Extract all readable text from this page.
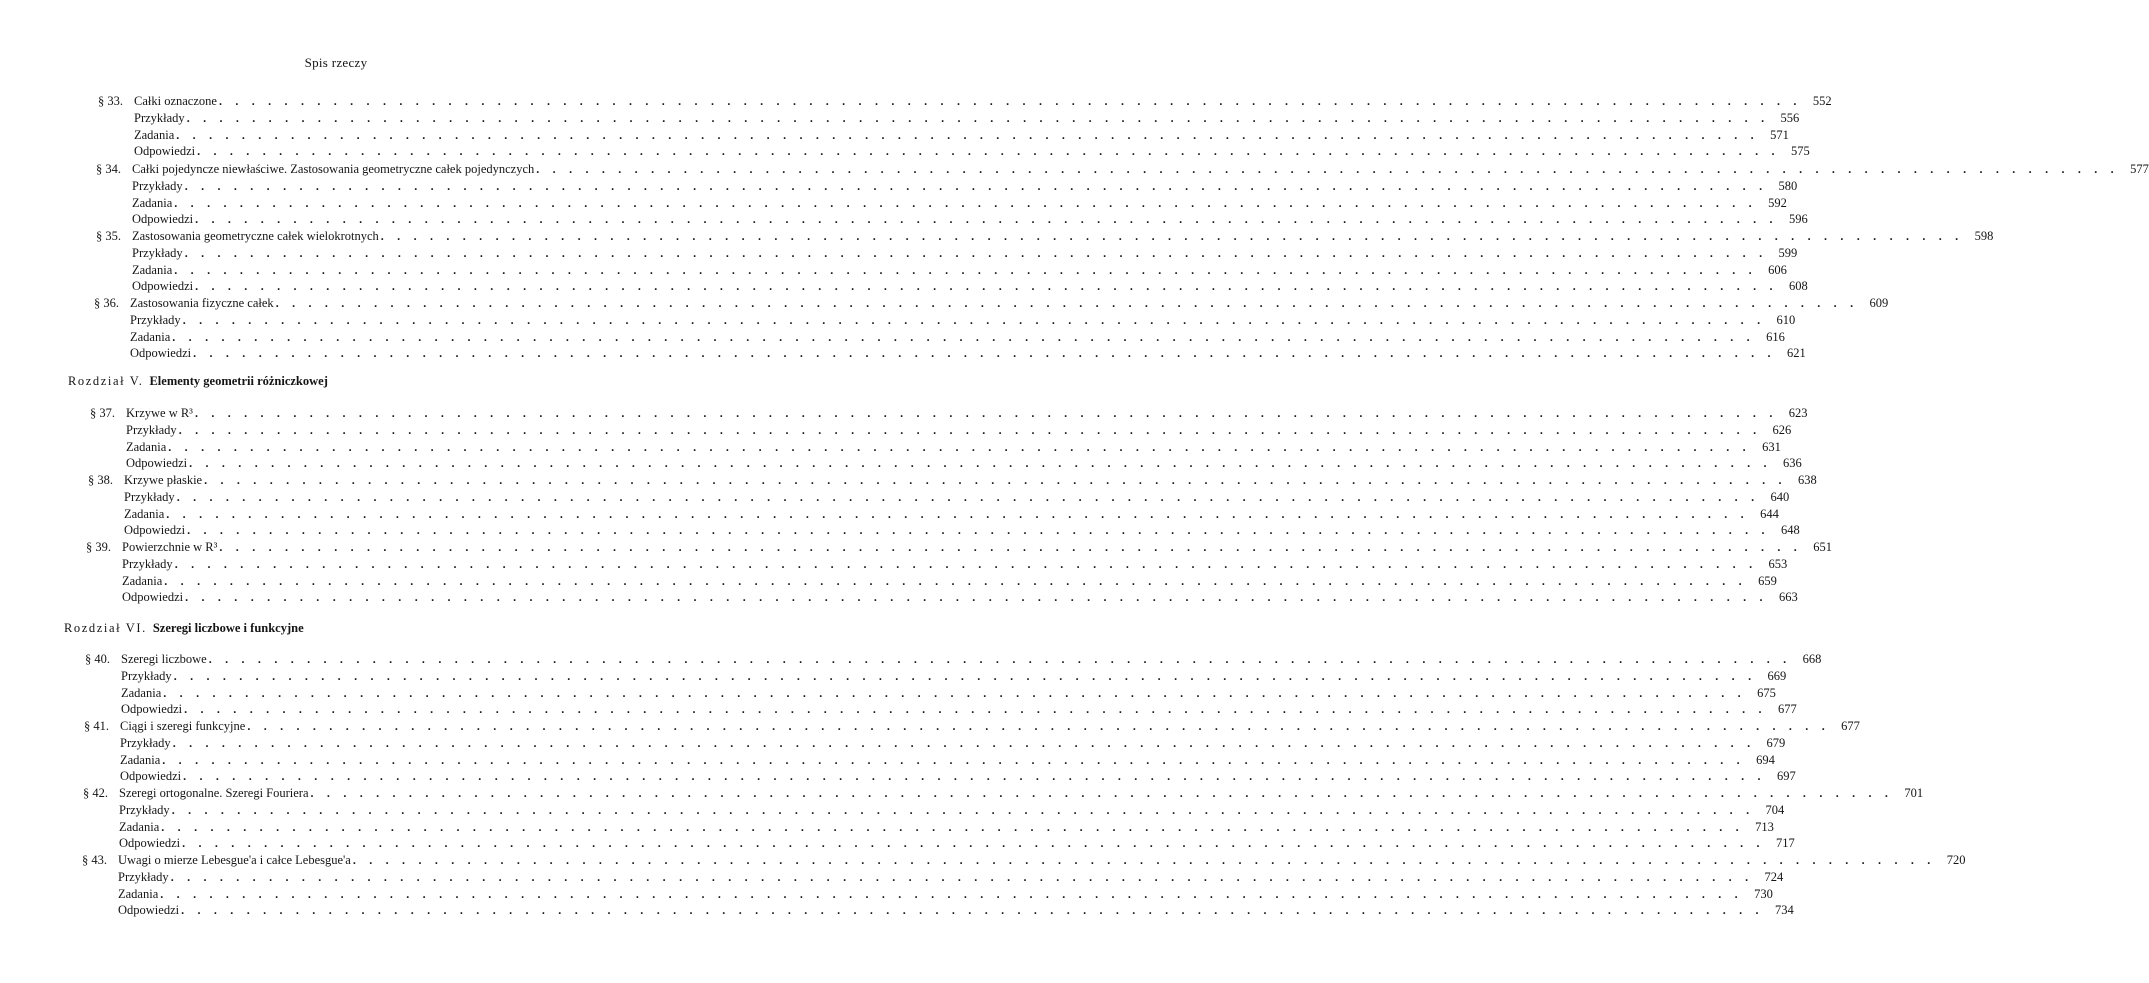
Spis rzeczy
§ 33. Całki oznaczone . . . . . . . . . . . . . . . . . . . . . . . . . . . . . . . . . . . . . . . . . . . . . . . . . . . . . . . . . . . . . . . . . . . . . . . . . . . . . . . . . . . . . . . . . . . . . . . . . 552
Przykłady . . . . . . . . . . . . . . . . . . . . . . . . . . . . . . . . . . . . . . . . . . . . . . . . . . . . . . . . . . . . . . . . . . . . . . . . . . . . . . . . . . . . . . . . . . . . . . . . . 556
Zadania . . . . . . . . . . . . . . . . . . . . . . . . . . . . . . . . . . . . . . . . . . . . . . . . . . . . . . . . . . . . . . . . . . . . . . . . . . . . . . . . . . . . . . . . . . . . . . . . . 571
Odpowiedzi . . . . . . . . . . . . . . . . . . . . . . . . . . . . . . . . . . . . . . . . . . . . . . . . . . . . . . . . . . . . . . . . . . . . . . . . . . . . . . . . . . . . . . . . . . . . . . . . . 575
§ 34. Całki pojedyncze niewłaściwe. Zastosowania geometryczne całek pojedynczych . . . . . . . . . . . . . . . . . . . . . . . . . . . . . . . . . . . . . . . . . . . . . . . . . . . . . . . . . . . . . . . . . . . . . . . . . . . . . . . . . . . . . . . . . . . . . . . . . 577
Przykłady . . . . . . . . . . . . . . . . . . . . . . . . . . . . . . . . . . . . . . . . . . . . . . . . . . . . . . . . . . . . . . . . . . . . . . . . . . . . . . . . . . . . . . . . . . . . . . . . . 580
Zadania . . . . . . . . . . . . . . . . . . . . . . . . . . . . . . . . . . . . . . . . . . . . . . . . . . . . . . . . . . . . . . . . . . . . . . . . . . . . . . . . . . . . . . . . . . . . . . . . . 592
Odpowiedzi . . . . . . . . . . . . . . . . . . . . . . . . . . . . . . . . . . . . . . . . . . . . . . . . . . . . . . . . . . . . . . . . . . . . . . . . . . . . . . . . . . . . . . . . . . . . . . . . . 596
§ 35. Zastosowania geometryczne całek wielokrotnych . . . . . . . . . . . . . . . . . . . . . . . . . . . . . . . . . . . . . . . . . . . . . . . . . . . . . . . . . . . . . . . . . . . . . . . . . . . . . . . . . . . . . . . . . . . . . . . . . 598
Przykłady . . . . . . . . . . . . . . . . . . . . . . . . . . . . . . . . . . . . . . . . . . . . . . . . . . . . . . . . . . . . . . . . . . . . . . . . . . . . . . . . . . . . . . . . . . . . . . . . . 599
Zadania . . . . . . . . . . . . . . . . . . . . . . . . . . . . . . . . . . . . . . . . . . . . . . . . . . . . . . . . . . . . . . . . . . . . . . . . . . . . . . . . . . . . . . . . . . . . . . . . . 606
Odpowiedzi . . . . . . . . . . . . . . . . . . . . . . . . . . . . . . . . . . . . . . . . . . . . . . . . . . . . . . . . . . . . . . . . . . . . . . . . . . . . . . . . . . . . . . . . . . . . . . . . . 608
§ 36. Zastosowania fizyczne całek . . . . . . . . . . . . . . . . . . . . . . . . . . . . . . . . . . . . . . . . . . . . . . . . . . . . . . . . . . . . . . . . . . . . . . . . . . . . . . . . . . . . . . . . . . . . . . . . . 609
Przykłady . . . . . . . . . . . . . . . . . . . . . . . . . . . . . . . . . . . . . . . . . . . . . . . . . . . . . . . . . . . . . . . . . . . . . . . . . . . . . . . . . . . . . . . . . . . . . . . . . 610
Zadania . . . . . . . . . . . . . . . . . . . . . . . . . . . . . . . . . . . . . . . . . . . . . . . . . . . . . . . . . . . . . . . . . . . . . . . . . . . . . . . . . . . . . . . . . . . . . . . . . 616
Odpowiedzi . . . . . . . . . . . . . . . . . . . . . . . . . . . . . . . . . . . . . . . . . . . . . . . . . . . . . . . . . . . . . . . . . . . . . . . . . . . . . . . . . . . . . . . . . . . . . . . . . 621
§ 37. Krzywe w R³ . . . . . . . . . . . . . . . . . . . . . . . . . . . . . . . . . . . . . . . . . . . . . . . . . . . . . . . . . . . . . . . . . . . . . . . . . . . . . . . . . . . . . . . . . . . . . . . . . 623
Przykłady . . . . . . . . . . . . . . . . . . . . . . . . . . . . . . . . . . . . . . . . . . . . . . . . . . . . . . . . . . . . . . . . . . . . . . . . . . . . . . . . . . . . . . . . . . . . . . . . . 626
Zadania . . . . . . . . . . . . . . . . . . . . . . . . . . . . . . . . . . . . . . . . . . . . . . . . . . . . . . . . . . . . . . . . . . . . . . . . . . . . . . . . . . . . . . . . . . . . . . . . . 631
Odpowiedzi . . . . . . . . . . . . . . . . . . . . . . . . . . . . . . . . . . . . . . . . . . . . . . . . . . . . . . . . . . . . . . . . . . . . . . . . . . . . . . . . . . . . . . . . . . . . . . . . . 636
§ 38. Krzywe płaskie . . . . . . . . . . . . . . . . . . . . . . . . . . . . . . . . . . . . . . . . . . . . . . . . . . . . . . . . . . . . . . . . . . . . . . . . . . . . . . . . . . . . . . . . . . . . . . . . . 638
Przykłady . . . . . . . . . . . . . . . . . . . . . . . . . . . . . . . . . . . . . . . . . . . . . . . . . . . . . . . . . . . . . . . . . . . . . . . . . . . . . . . . . . . . . . . . . . . . . . . . . 640
Zadania . . . . . . . . . . . . . . . . . . . . . . . . . . . . . . . . . . . . . . . . . . . . . . . . . . . . . . . . . . . . . . . . . . . . . . . . . . . . . . . . . . . . . . . . . . . . . . . . . 644
Odpowiedzi . . . . . . . . . . . . . . . . . . . . . . . . . . . . . . . . . . . . . . . . . . . . . . . . . . . . . . . . . . . . . . . . . . . . . . . . . . . . . . . . . . . . . . . . . . . . . . . . . 648
§ 39. Powierzchnie w R³ . . . . . . . . . . . . . . . . . . . . . . . . . . . . . . . . . . . . . . . . . . . . . . . . . . . . . . . . . . . . . . . . . . . . . . . . . . . . . . . . . . . . . . . . . . . . . . . . . 651
Przykłady . . . . . . . . . . . . . . . . . . . . . . . . . . . . . . . . . . . . . . . . . . . . . . . . . . . . . . . . . . . . . . . . . . . . . . . . . . . . . . . . . . . . . . . . . . . . . . . . . 653
Zadania . . . . . . . . . . . . . . . . . . . . . . . . . . . . . . . . . . . . . . . . . . . . . . . . . . . . . . . . . . . . . . . . . . . . . . . . . . . . . . . . . . . . . . . . . . . . . . . . . 659
Odpowiedzi . . . . . . . . . . . . . . . . . . . . . . . . . . . . . . . . . . . . . . . . . . . . . . . . . . . . . . . . . . . . . . . . . . . . . . . . . . . . . . . . . . . . . . . . . . . . . . . . . 663
§ 40. Szeregi liczbowe . . . . . . . . . . . . . . . . . . . . . . . . . . . . . . . . . . . . . . . . . . . . . . . . . . . . . . . . . . . . . . . . . . . . . . . . . . . . . . . . . . . . . . . . . . . . . . . . . 668
Przykłady . . . . . . . . . . . . . . . . . . . . . . . . . . . . . . . . . . . . . . . . . . . . . . . . . . . . . . . . . . . . . . . . . . . . . . . . . . . . . . . . . . . . . . . . . . . . . . . . . 669
Zadania . . . . . . . . . . . . . . . . . . . . . . . . . . . . . . . . . . . . . . . . . . . . . . . . . . . . . . . . . . . . . . . . . . . . . . . . . . . . . . . . . . . . . . . . . . . . . . . . . 675
Odpowiedzi . . . . . . . . . . . . . . . . . . . . . . . . . . . . . . . . . . . . . . . . . . . . . . . . . . . . . . . . . . . . . . . . . . . . . . . . . . . . . . . . . . . . . . . . . . . . . . . . . 677
§ 41. Ciągi i szeregi funkcyjne . . . . . . . . . . . . . . . . . . . . . . . . . . . . . . . . . . . . . . . . . . . . . . . . . . . . . . . . . . . . . . . . . . . . . . . . . . . . . . . . . . . . . . . . . . . . . . . . . 677
Przykłady . . . . . . . . . . . . . . . . . . . . . . . . . . . . . . . . . . . . . . . . . . . . . . . . . . . . . . . . . . . . . . . . . . . . . . . . . . . . . . . . . . . . . . . . . . . . . . . . . 679
Zadania . . . . . . . . . . . . . . . . . . . . . . . . . . . . . . . . . . . . . . . . . . . . . . . . . . . . . . . . . . . . . . . . . . . . . . . . . . . . . . . . . . . . . . . . . . . . . . . . . 694
Odpowiedzi . . . . . . . . . . . . . . . . . . . . . . . . . . . . . . . . . . . . . . . . . . . . . . . . . . . . . . . . . . . . . . . . . . . . . . . . . . . . . . . . . . . . . . . . . . . . . . . . . 697
§ 42. Szeregi ortogonalne. Szeregi Fouriera . . . . . . . . . . . . . . . . . . . . . . . . . . . . . . . . . . . . . . . . . . . . . . . . . . . . . . . . . . . . . . . . . . . . . . . . . . . . . . . . . . . . . . . . . . . . . . . . . 701
Przykłady . . . . . . . . . . . . . . . . . . . . . . . . . . . . . . . . . . . . . . . . . . . . . . . . . . . . . . . . . . . . . . . . . . . . . . . . . . . . . . . . . . . . . . . . . . . . . . . . . 704
Zadania . . . . . . . . . . . . . . . . . . . . . . . . . . . . . . . . . . . . . . . . . . . . . . . . . . . . . . . . . . . . . . . . . . . . . . . . . . . . . . . . . . . . . . . . . . . . . . . . . 713
Odpowiedzi . . . . . . . . . . . . . . . . . . . . . . . . . . . . . . . . . . . . . . . . . . . . . . . . . . . . . . . . . . . . . . . . . . . . . . . . . . . . . . . . . . . . . . . . . . . . . . . . . 717
§ 43. Uwagi o mierze Lebesgue'a i całce Lebesgue'a . . . . . . . . . . . . . . . . . . . . . . . . . . . . . . . . . . . . . . . . . . . . . . . . . . . . . . . . . . . . . . . . . . . . . . . . . . . . . . . . . . . . . . . . . . . . . . . . . 720
Przykłady . . . . . . . . . . . . . . . . . . . . . . . . . . . . . . . . . . . . . . . . . . . . . . . . . . . . . . . . . . . . . . . . . . . . . . . . . . . . . . . . . . . . . . . . . . . . . . . . . 724
Zadania . . . . . . . . . . . . . . . . . . . . . . . . . . . . . . . . . . . . . . . . . . . . . . . . . . . . . . . . . . . . . . . . . . . . . . . . . . . . . . . . . . . . . . . . . . . . . . . . . 730
Odpowiedzi . . . . . . . . . . . . . . . . . . . . . . . . . . . . . . . . . . . . . . . . . . . . . . . . . . . . . . . . . . . . . . . . . . . . . . . . . . . . . . . . . . . . . . . . . . . . . . . . . 734
Rozdział V. Elementy geometrii różniczkowej
Rozdział VI. Szeregi liczbowe i funkcyjne
